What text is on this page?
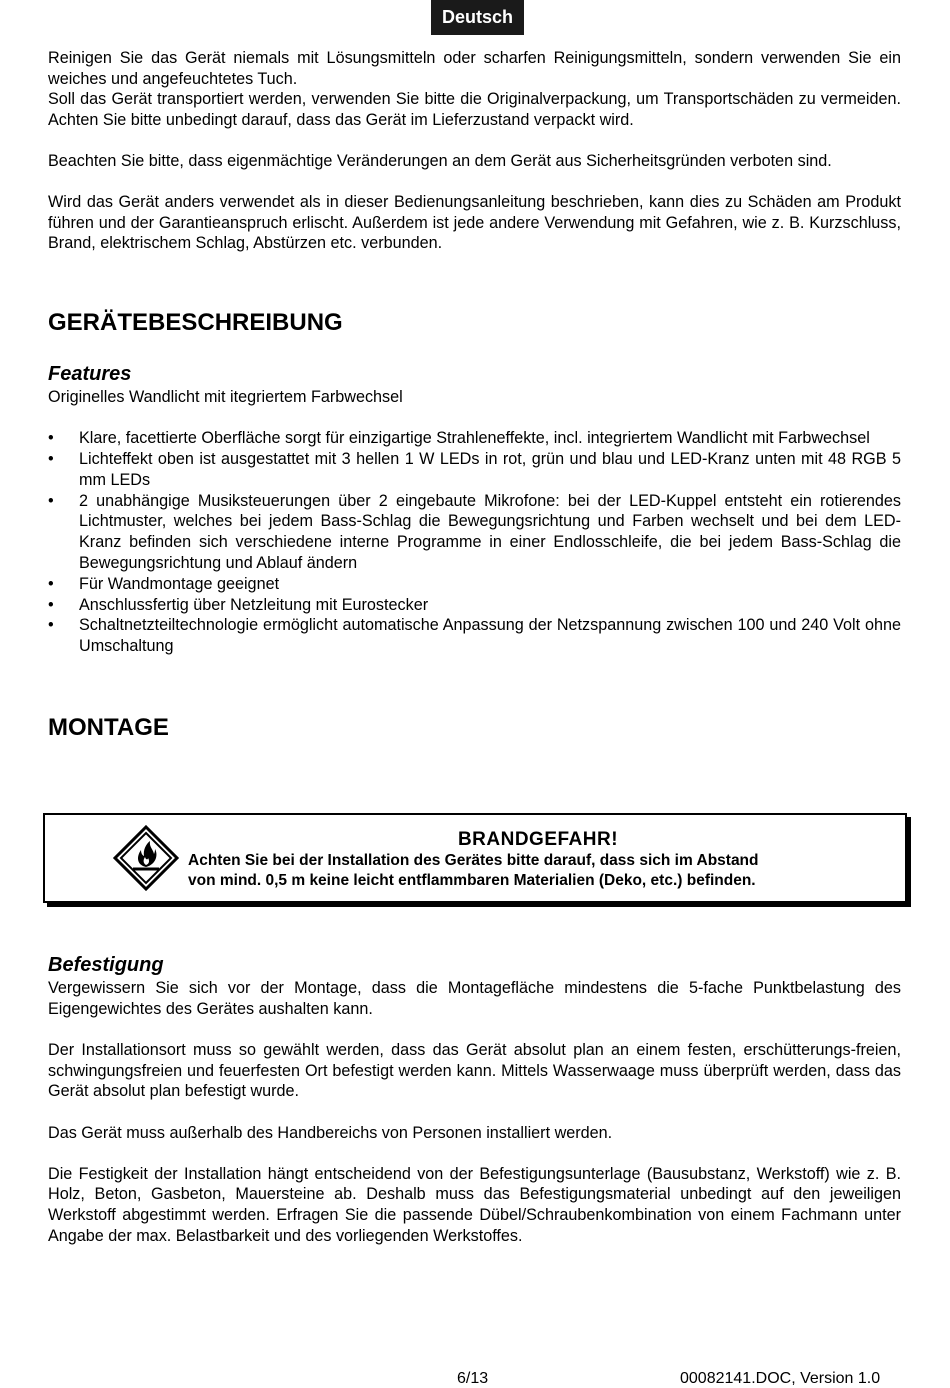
Deutsch

Reinigen Sie das Gerät niemals mit Lösungsmitteln oder scharfen Reinigungsmitteln, sondern verwenden Sie ein weiches und angefeuchtetes Tuch.

Soll das Gerät transportiert werden, verwenden Sie bitte die Originalverpackung, um Transportschäden zu vermeiden. Achten Sie bitte unbedingt darauf, dass das Gerät im Lieferzustand verpackt wird.

Beachten Sie bitte, dass eigenmächtige Veränderungen an dem Gerät aus Sicherheitsgründen verboten sind.

Wird das Gerät anders verwendet als in dieser Bedienungsanleitung beschrieben, kann dies zu Schäden am Produkt führen und der Garantieanspruch erlischt. Außerdem ist jede andere Verwendung mit Gefahren, wie z. B. Kurzschluss, Brand, elektrischem Schlag, Abstürzen etc. verbunden.

GERÄTEBESCHREIBUNG
Features

Originelles Wandlicht mit itegriertem Farbwechsel

• Klare, facettierte Oberfläche sorgt für einzigartige Strahleneffekte, incl. integriertem Wandlicht mit Farbwechsel
• Lichteffekt oben ist ausgestattet mit 3 hellen 1 W LEDs in rot, grün und blau und LED-Kranz unten mit 48 RGB 5 mm LEDs
• 2 unabhängige Musiksteuerungen über 2 eingebaute Mikrofone: bei der LED-Kuppel entsteht ein rotierendes Lichtmuster, welches bei jedem Bass-Schlag die Bewegungsrichtung und Farben wechselt und bei dem LED-Kranz befinden sich verschiedene interne Programme in einer Endlosschleife, die bei jedem Bass-Schlag die Bewegungsrichtung und Ablauf ändern
• Für Wandmontage geeignet
• Anschlussfertig über Netzleitung mit Eurostecker
• Schaltnetzteiltechnologie ermöglicht automatische Anpassung der Netzspannung zwischen 100 und 240 Volt ohne Umschaltung
MONTAGE

Befestigung

Vergewissern Sie sich vor der Montage, dass die Montagefläche mindestens die 5-fache Punktbelastung des Eigengewichtes des Gerätes aushalten kann.

Der Installationsort muss so gewählt werden, dass das Gerät absolut plan an einem festen, erschütterungs-freien, schwingungsfreien und feuerfesten Ort befestigt werden kann. Mittels Wasserwaage muss überprüft werden, dass das Gerät absolut plan befestigt wurde.

Das Gerät muss außerhalb des Handbereichs von Personen installiert werden.

Die Festigkeit der Installation hängt entscheidend von der Befestigungsunterlage (Bausubstanz, Werkstoff) wie z. B. Holz, Beton, Gasbeton, Mauersteine ab. Deshalb muss das Befestigungsmaterial unbedingt auf den jeweiligen Werkstoff abgestimmt werden. Erfragen Sie die passende Dübel/Schraubenkombination von einem Fachmann unter Angabe der max. Belastbarkeit und des vorliegenden Werkstoffes.

BRANDGEFAHR!
Achten Sie bei der Installation des Gerätes bitte darauf, dass sich im Abstand
von mind. 0,5 m keine leicht entflammbaren Materialien (Deko, etc.) befinden.
6/13	00082141.DOC, Version 1.0
